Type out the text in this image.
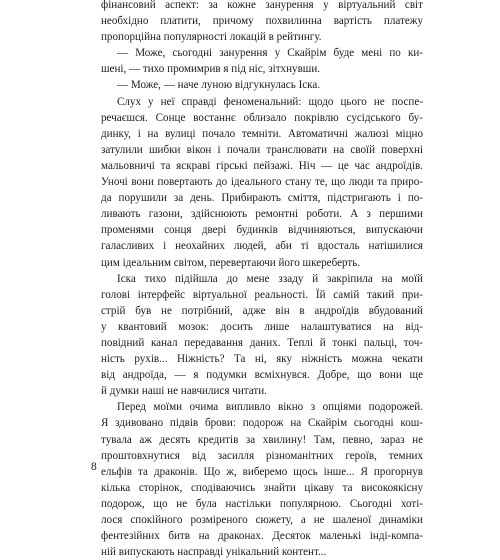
фінансовий аспект: за кожне занурення у віртуальний світ
необхідно платити, причому похвилинна вартість платежу
пропорційна популярності локацій в рейтингу.
— Може, сьогодні занурення у Скайрім буде мені по ки-
шені, — тихо промимрив я під ніс, зітхнувши.
— Може, — наче луною відгукнулась Іска.
Слух у неї справді феноменальний: щодо цього не поспе-
речаєшся. Сонце востаннє облизало покрівлю сусідського бу-
динку, і на вулиці почало темніти. Автоматичні жалюзі міцно
затулили шибки вікон і почали транслювати на своїй поверхні
мальовничі та яскраві гірські пейзажі. Ніч — це час андроїдів.
Уночі вони повертають до ідеального стану те, що люди та приро-
да порушили за день. Прибирають сміття, підстригають і по-
ливають газони, здійснюють ремонтні роботи. А з першими
променями сонця двері будинків відчиняються, випускаючи
галасливих і неохайних людей, аби ті вдосталь натішилися
цим ідеальним світом, перевертаючи його шкереберть.
Іска тихо підійшла до мене ззаду й закріпила на моїй
голові інтерфейс віртуальної реальності. Їй самій такий при-
стрій був не потрібний, адже він в андроїдів вбудований
у квантовий мозок: досить лише налаштуватися на від-
повідний канал передавання даних. Теплі й тонкі пальці, точ-
ність рухів... Ніжність? Та ні, яку ніжність можна чекати
від андроїда, — я подумки всміхнувся. Добре, що вони ще
й думки наші не навчилися читати.
Перед моїми очима випливло вікно з опціями подорожей.
Я здивовано підвів брови: подорож на Скайрім сьогодні кош-
тувала аж десять кредитів за хвилину! Там, певно, зараз не
проштовхнутися від засилля різноманітних героїв, темних
ельфів та драконів. Що ж, виберемо щось інше... Я прогорнув
кілька сторінок, сподіваючись знайти цікаву та високоякісну
подорож, що не була настільки популярною. Сьогодні хоті-
лося спокійного розміреного сюжету, а не шаленої динаміки
фентезійних битв на драконах. Десяток маленькі інді-компа-
ній випускають насправді унікальний контент...
8
